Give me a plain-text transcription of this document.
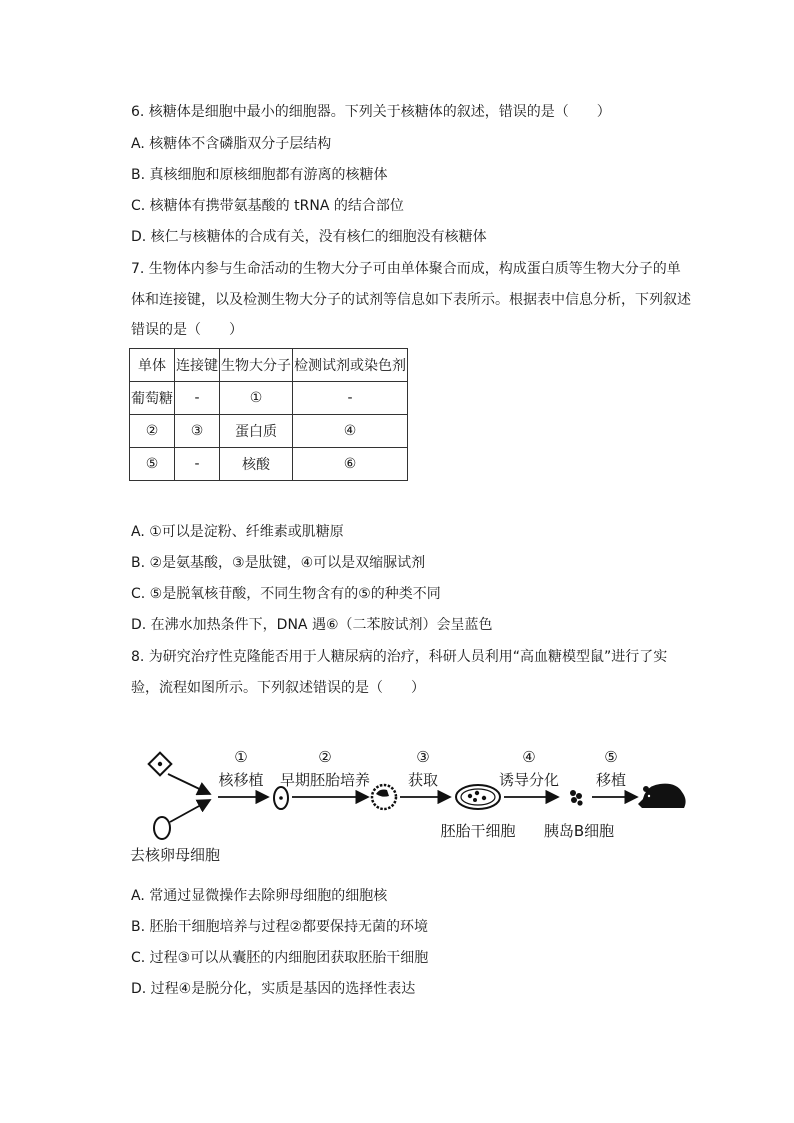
6. 核糖体是细胞中最小的细胞器。下列关于核糖体的叙述，错误的是（　　）
A. 核糖体不含磷脂双分子层结构
B. 真核细胞和原核细胞都有游离的核糖体
C. 核糖体有携带氨基酸的 tRNA 的结合部位
D. 核仁与核糖体的合成有关，没有核仁的细胞没有核糖体
7. 生物体内参与生命活动的生物大分子可由单体聚合而成，构成蛋白质等生物大分子的单
体和连接键，以及检测生物大分子的试剂等信息如下表所示。根据表中信息分析，下列叙述
错误的是（　　）
单体	连接键	生物大分子	检测试剂或染色剂
葡萄糖	-	①	-
②	③	蛋白质	④
⑤	-	核酸	⑥
A. ①可以是淀粉、纤维素或肌糖原
B. ②是氨基酸，③是肽键，④可以是双缩脲试剂
C. ⑤是脱氧核苷酸，不同生物含有的⑤的种类不同
D. 在沸水加热条件下，DNA 遇⑥（二苯胺试剂）会呈蓝色
8. 为研究治疗性克隆能否用于人糖尿病的治疗，科研人员利用“高血糖模型鼠”进行了实
验，流程如图所示。下列叙述错误的是（　　）
①
核移植
②
早期胚胎培养
③
获取
胚胎干细胞
④
诱导分化
胰岛B细胞
⑤
移植
去核卵母细胞
A. 常通过显微操作去除卵母细胞的细胞核
B. 胚胎干细胞培养与过程②都要保持无菌的环境
C. 过程③可以从囊胚的内细胞团获取胚胎干细胞
D. 过程④是脱分化，实质是基因的选择性表达
